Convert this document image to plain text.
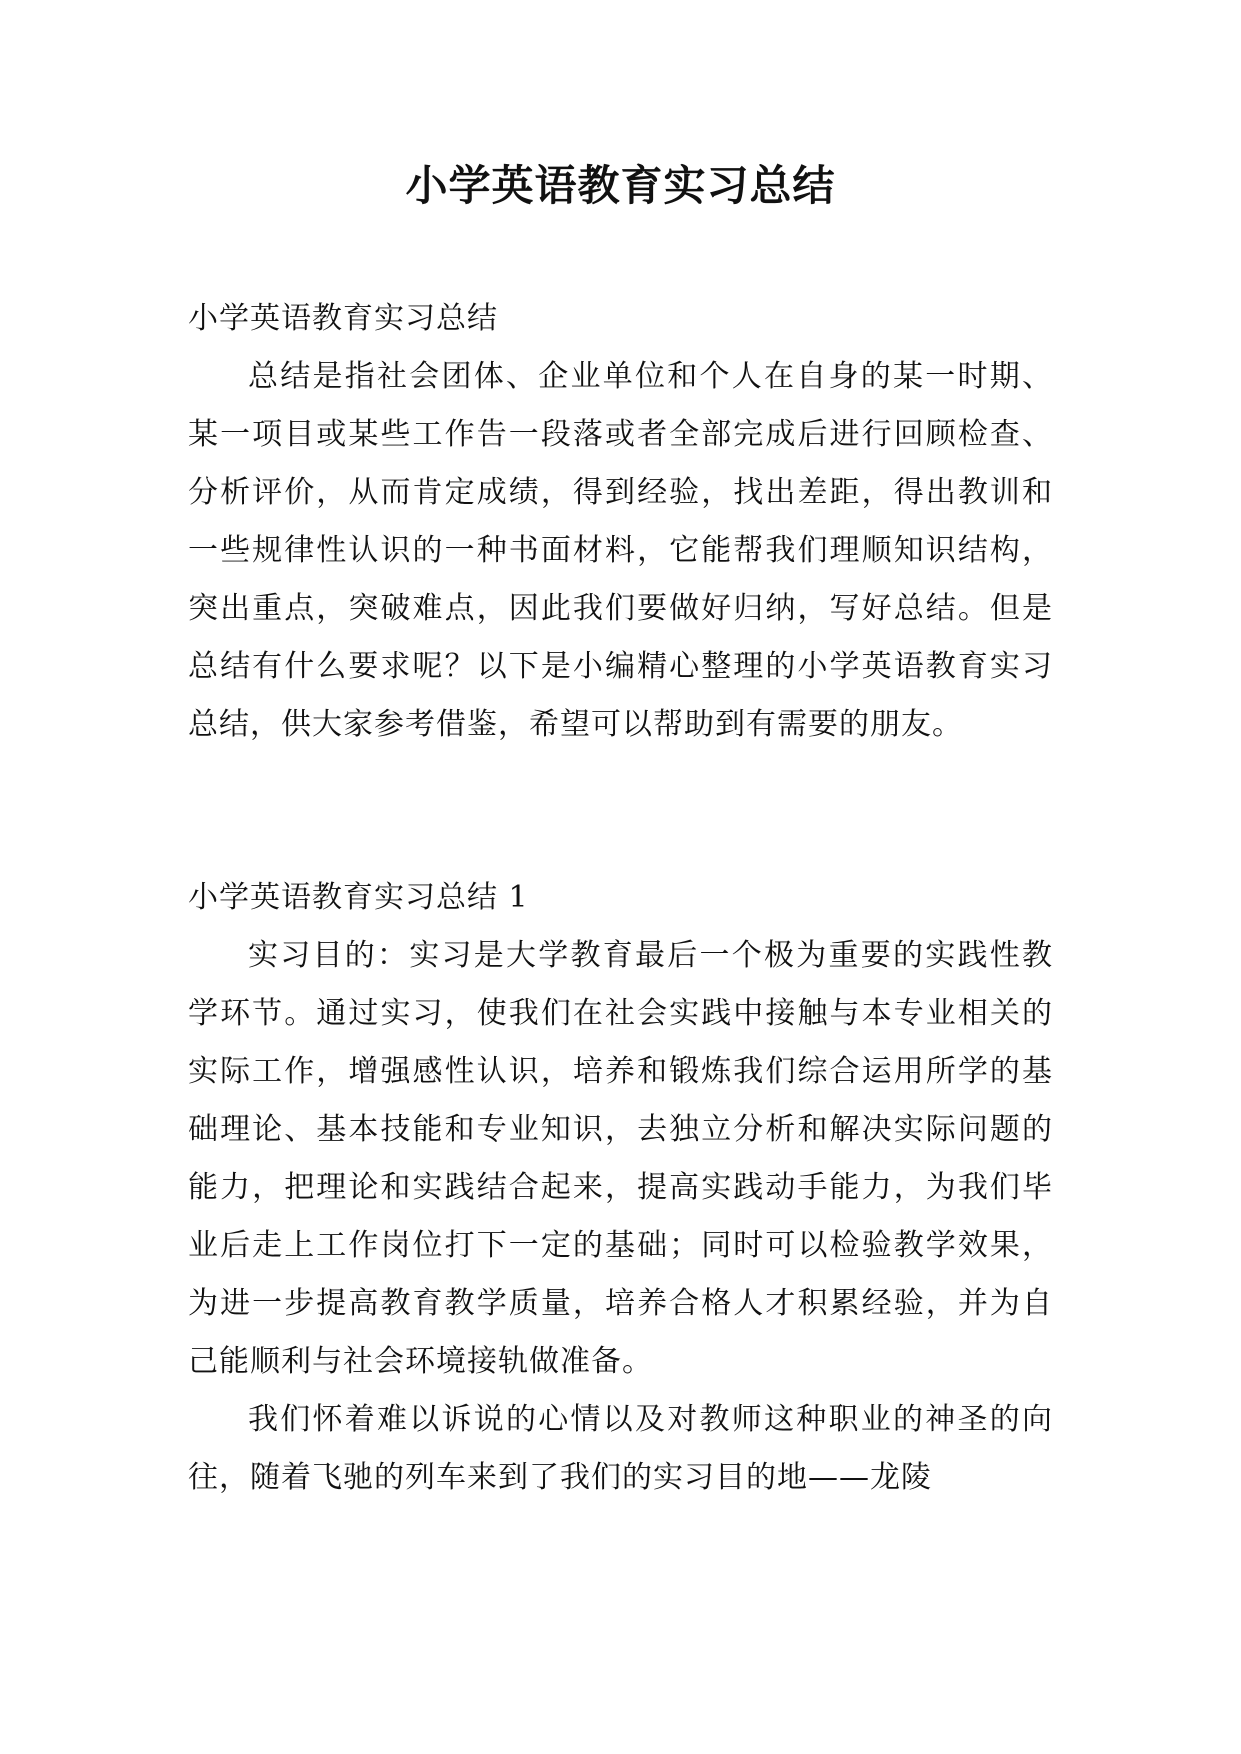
小学英语教育实习总结

小学英语教育实习总结

总结是指社会团体、企业单位和个人在自身的某一时期、某一项目或某些工作告一段落或者全部完成后进行回顾检查、分析评价，从而肯定成绩，得到经验，找出差距，得出教训和一些规律性认识的一种书面材料，它能帮我们理顺知识结构，突出重点，突破难点，因此我们要做好归纳，写好总结。但是总结有什么要求呢？以下是小编精心整理的小学英语教育实习总结，供大家参考借鉴，希望可以帮助到有需要的朋友。

小学英语教育实习总结 1

实习目的：实习是大学教育最后一个极为重要的实践性教学环节。通过实习，使我们在社会实践中接触与本专业相关的实际工作，增强感性认识，培养和锻炼我们综合运用所学的基础理论、基本技能和专业知识，去独立分析和解决实际问题的能力，把理论和实践结合起来，提高实践动手能力，为我们毕业后走上工作岗位打下一定的基础；同时可以检验教学效果，为进一步提高教育教学质量，培养合格人才积累经验，并为自己能顺利与社会环境接轨做准备。

我们怀着难以诉说的心情以及对教师这种职业的神圣的向往，随着飞驰的列车来到了我们的实习目的地——龙陵
